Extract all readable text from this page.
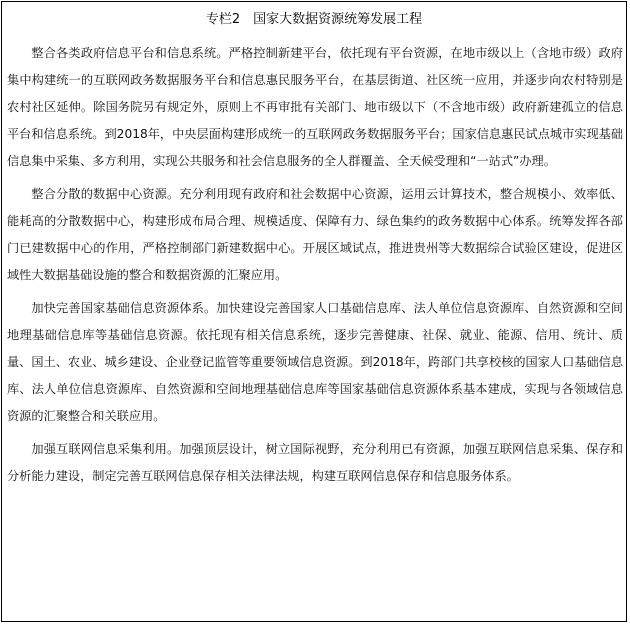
专栏2　国家大数据资源统筹发展工程

整合各类政府信息平台和信息系统。严格控制新建平台，依托现有平台资源，在地市级以上（含地市级）政府集中构建统一的互联网政务数据服务平台和信息惠民服务平台，在基层街道、社区统一应用，并逐步向农村特别是农村社区延伸。除国务院另有规定外，原则上不再审批有关部门、地市级以下（不含地市级）政府新建孤立的信息平台和信息系统。到2018年，中央层面构建形成统一的互联网政务数据服务平台；国家信息惠民试点城市实现基础信息集中采集、多方利用，实现公共服务和社会信息服务的全人群覆盖、全天候受理和“一站式”办理。

整合分散的数据中心资源。充分利用现有政府和社会数据中心资源，运用云计算技术，整合规模小、效率低、能耗高的分散数据中心，构建形成布局合理、规模适度、保障有力、绿色集约的政务数据中心体系。统筹发挥各部门已建数据中心的作用，严格控制部门新建数据中心。开展区域试点，推进贵州等大数据综合试验区建设，促进区域性大数据基础设施的整合和数据资源的汇聚应用。

加快完善国家基础信息资源体系。加快建设完善国家人口基础信息库、法人单位信息资源库、自然资源和空间地理基础信息库等基础信息资源。依托现有相关信息系统，逐步完善健康、社保、就业、能源、信用、统计、质量、国土、农业、城乡建设、企业登记监管等重要领域信息资源。到2018年，跨部门共享校核的国家人口基础信息库、法人单位信息资源库、自然资源和空间地理基础信息库等国家基础信息资源体系基本建成，实现与各领域信息资源的汇聚整合和关联应用。

加强互联网信息采集利用。加强顶层设计，树立国际视野，充分利用已有资源，加强互联网信息采集、保存和分析能力建设，制定完善互联网信息保存相关法律法规，构建互联网信息保存和信息服务体系。
